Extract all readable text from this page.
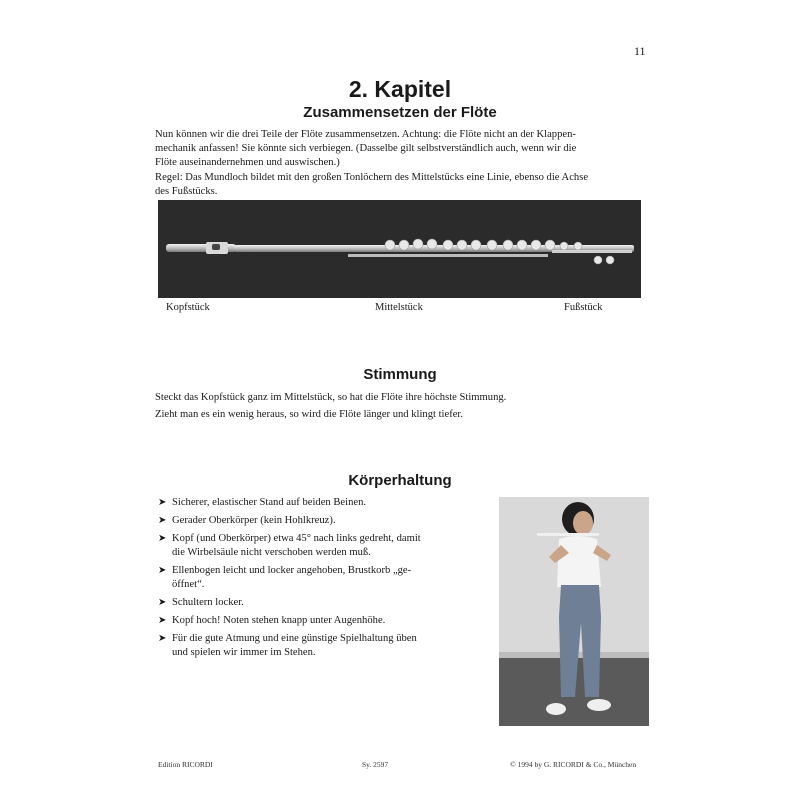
11
2. Kapitel
Zusammensetzen der Flöte
Nun können wir die drei Teile der Flöte zusammensetzen. Achtung: die Flöte nicht an der Klappen-
mechanik anfassen! Sie könnte sich verbiegen. (Dasselbe gilt selbstverständlich auch, wenn wir die
Flöte auseinandernehmen und auswischen.)
Regel: Das Mundloch bildet mit den großen Tonlöchern des Mittelstücks eine Linie, ebenso die Achse
des Fußstücks.
Kopfstück	Mittelstück	Fußstück
Stimmung
Steckt das Kopfstück ganz im Mittelstück, so hat die Flöte ihre höchste Stimmung.
Zieht man es ein wenig heraus, so wird die Flöte länger und klingt tiefer.
Körperhaltung
➤ Sicherer, elastischer Stand auf beiden Beinen.
➤ Gerader Oberkörper (kein Hohlkreuz).
➤ Kopf (und Oberkörper) etwa 45° nach links gedreht, damit
die Wirbelsäule nicht verschoben werden muß.
➤ Ellenbogen leicht und locker angehoben, Brustkorb „ge-
öffnet“.
➤ Schultern locker.
➤ Kopf hoch! Noten stehen knapp unter Augenhöhe.
➤ Für die gute Atmung und eine günstige Spielhaltung üben
und spielen wir immer im Stehen.
Edition RICORDI	Sy. 2597	© 1994 by G. RICORDI & Co., München
